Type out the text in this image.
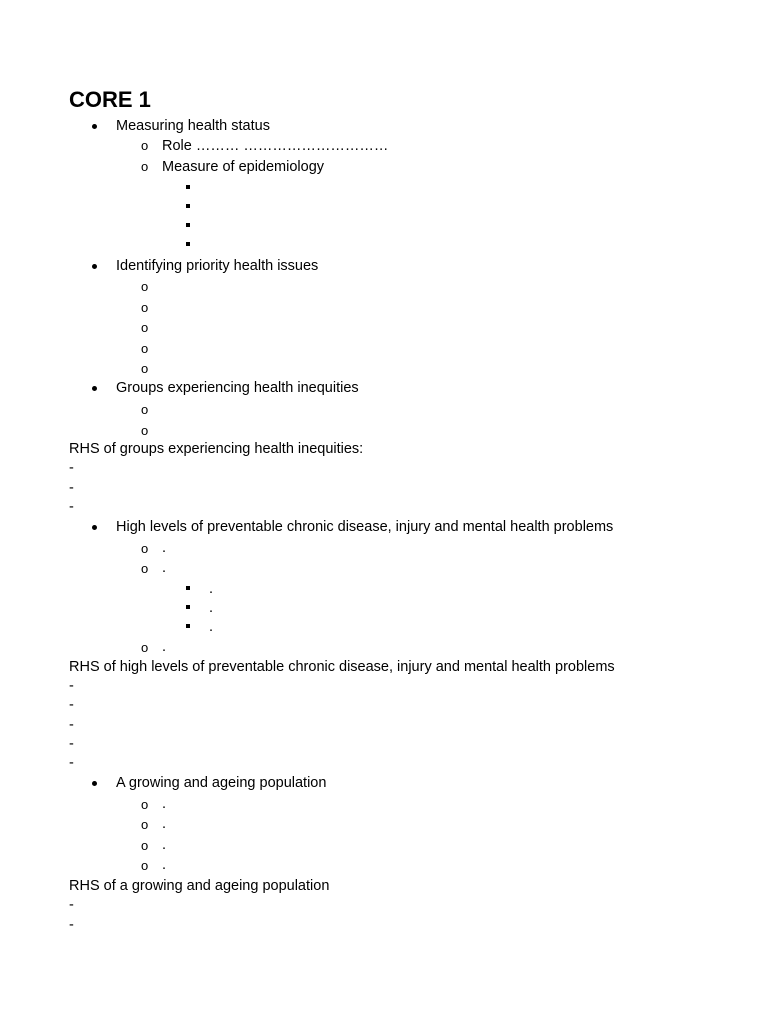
CORE 1
Measuring health status
o Role ……… …………………………
o Measure of epidemiology
Identifying priority health issues
o
o
o
o
o
Groups experiencing health inequities
o
o
RHS of groups experiencing health inequities:
-
-
-
High levels of preventable chronic disease, injury and mental health problems
o .
o .
.
.
.
o .
RHS of high levels of preventable chronic disease, injury and mental health problems
-
-
-
-
-
A growing and ageing population
o .
o .
o .
o .
RHS of a growing and ageing population
-
-
